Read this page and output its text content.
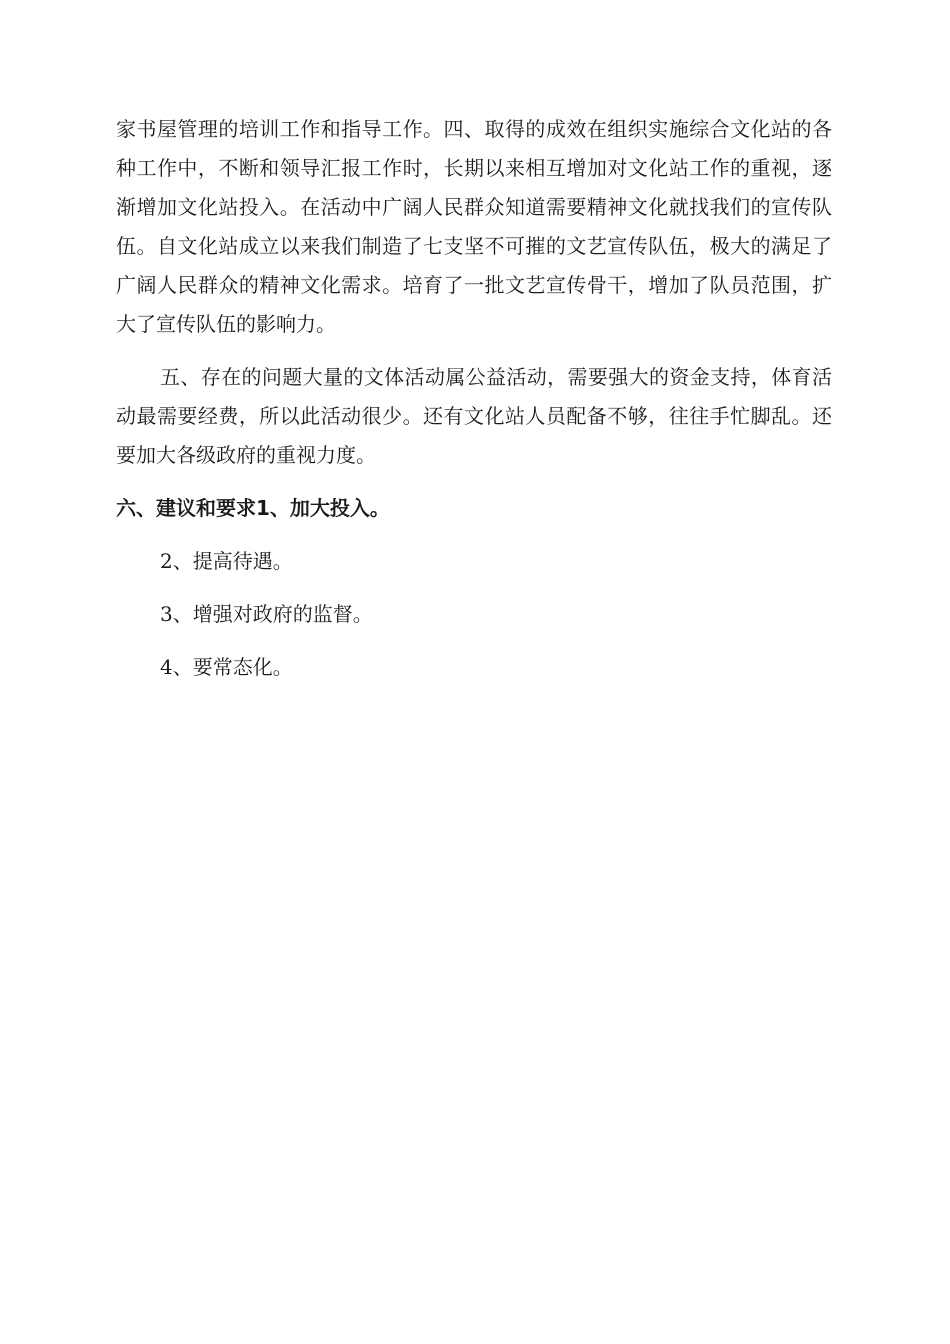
家书屋管理的培训工作和指导工作。四、取得的成效在组织实施综合文化站的各种工作中，不断和领导汇报工作时，长期以来相互增加对文化站工作的重视，逐渐增加文化站投入。在活动中广阔人民群众知道需要精神文化就找我们的宣传队伍。自文化站成立以来我们制造了七支坚不可摧的文艺宣传队伍，极大的满足了广阔人民群众的精神文化需求。培育了一批文艺宣传骨干，增加了队员范围，扩大了宣传队伍的影响力。

五、存在的问题大量的文体活动属公益活动，需要强大的资金支持，体育活动最需要经费，所以此活动很少。还有文化站人员配备不够，往往手忙脚乱。还要加大各级政府的重视力度。

六、建议和要求1、加大投入。

2、提高待遇。

3、增强对政府的监督。

4、要常态化。
